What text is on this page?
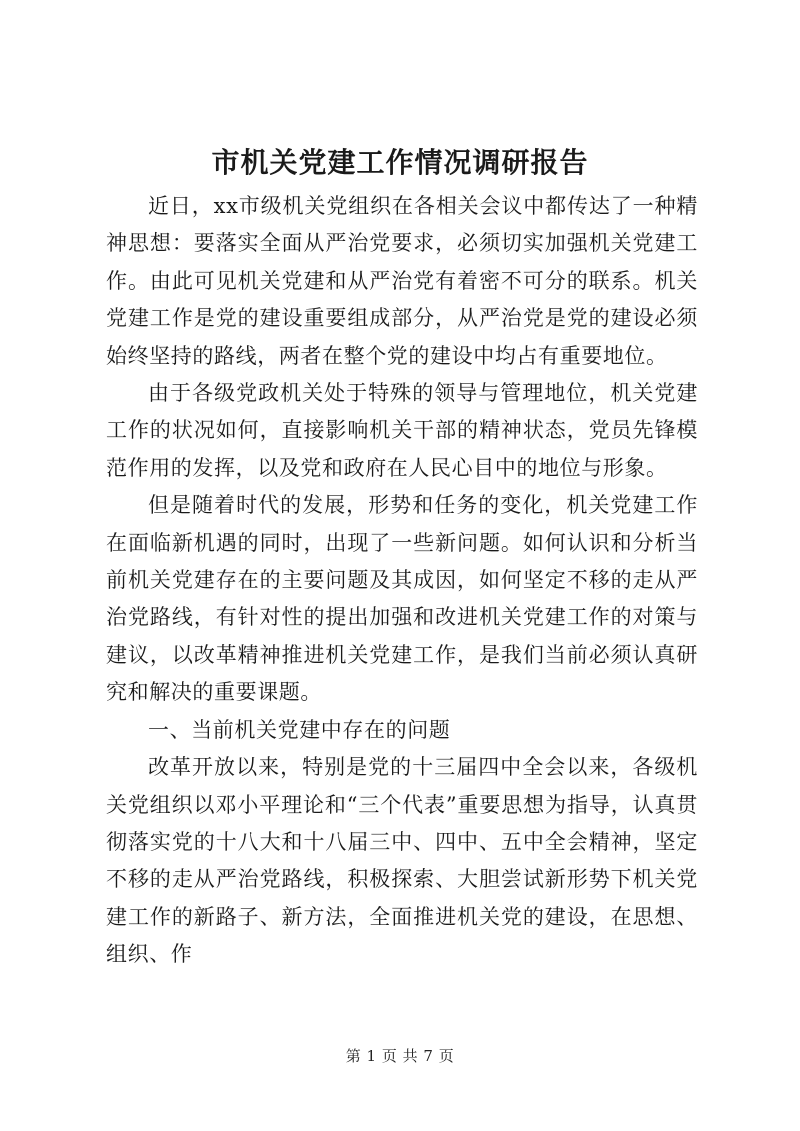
市机关党建工作情况调研报告

近日，xx市级机关党组织在各相关会议中都传达了一种精神思想：要落实全面从严治党要求，必须切实加强机关党建工作。由此可见机关党建和从严治党有着密不可分的联系。机关党建工作是党的建设重要组成部分，从严治党是党的建设必须始终坚持的路线，两者在整个党的建设中均占有重要地位。

由于各级党政机关处于特殊的领导与管理地位，机关党建工作的状况如何，直接影响机关干部的精神状态，党员先锋模范作用的发挥，以及党和政府在人民心目中的地位与形象。

但是随着时代的发展，形势和任务的变化，机关党建工作在面临新机遇的同时，出现了一些新问题。如何认识和分析当前机关党建存在的主要问题及其成因，如何坚定不移的走从严治党路线，有针对性的提出加强和改进机关党建工作的对策与建议，以改革精神推进机关党建工作，是我们当前必须认真研究和解决的重要课题。

一、当前机关党建中存在的问题

改革开放以来，特别是党的十三届四中全会以来，各级机关党组织以邓小平理论和“三个代表”重要思想为指导，认真贯彻落实党的十八大和十八届三中、四中、五中全会精神，坚定不移的走从严治党路线，积极探索、大胆尝试新形势下机关党建工作的新路子、新方法，全面推进机关党的建设，在思想、组织、作

第 1 页 共 7 页
